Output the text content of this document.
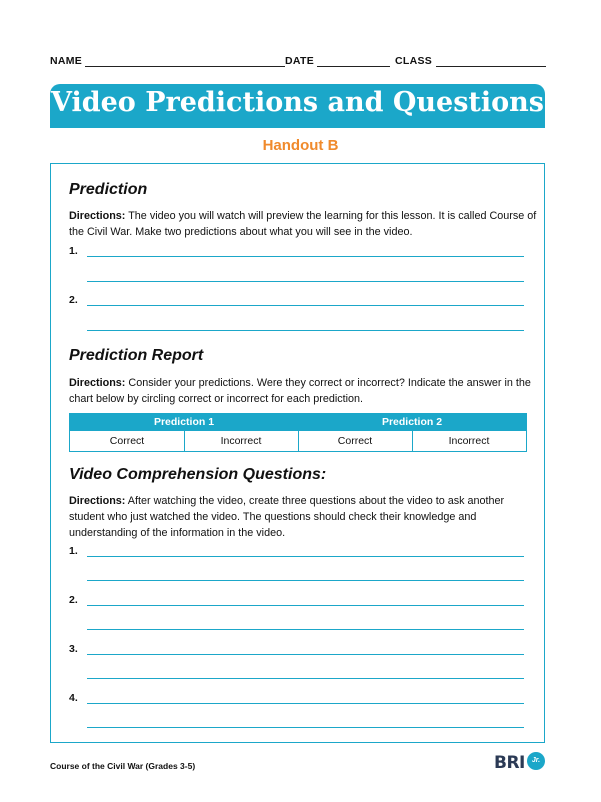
NAME	DATE	CLASS
Video Predictions and Questions
Handout B
Prediction
Directions: The video you will watch will preview the learning for this lesson. It is called Course of the Civil War. Make two predictions about what you will see in the video.
1.
2.
Prediction Report
Directions: Consider your predictions. Were they correct or incorrect? Indicate the answer in the chart below by circling correct or incorrect for each prediction.
Prediction 1	Prediction 2
Correct	Incorrect	Correct	Incorrect
Video Comprehension Questions:
Directions: After watching the video, create three questions about the video to ask another student who just watched the video. The questions should check their knowledge and understanding of the information in the video.
1.
2.
3.
4.
Course of the Civil War (Grades 3-5)	BRI	Jr.
